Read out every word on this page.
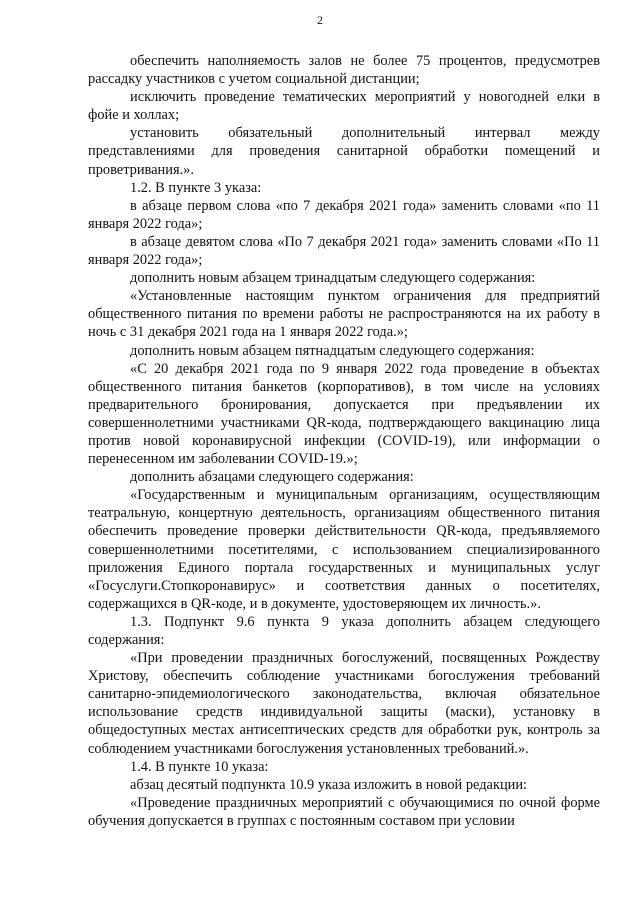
2

обеспечить наполняемость залов не более 75 процентов, предусмотрев рассадку участников с учетом социальной дистанции;

исключить проведение тематических мероприятий у новогодней елки в фойе и холлах;

установить обязательный дополнительный интервал между представлениями для проведения санитарной обработки помещений и проветривания.».

1.2. В пункте 3 указа:

в абзаце первом слова «по 7 декабря 2021 года» заменить словами «по 11 января 2022 года»;

в абзаце девятом слова «По 7 декабря 2021 года» заменить словами «По 11 января 2022 года»;

дополнить новым абзацем тринадцатым следующего содержания:

«Установленные настоящим пунктом ограничения для предприятий общественного питания по времени работы не распространяются на их работу в ночь с 31 декабря 2021 года на 1 января 2022 года.»;

дополнить новым абзацем пятнадцатым следующего содержания:

«С 20 декабря 2021 года по 9 января 2022 года проведение в объектах общественного питания банкетов (корпоративов), в том числе на условиях предварительного бронирования, допускается при предъявлении их совершеннолетними участниками QR-кода, подтверждающего вакцинацию лица против новой коронавирусной инфекции (COVID-19), или информации о перенесенном им заболевании COVID-19.»;

дополнить абзацами следующего содержания:

«Государственным и муниципальным организациям, осуществляющим театральную, концертную деятельность, организациям общественного питания обеспечить проведение проверки действительности QR-кода, предъявляемого совершеннолетними посетителями, с использованием специализированного приложения Единого портала государственных и муниципальных услуг «Госуслуги.Стопкоронавирус» и соответствия данных о посетителях, содержащихся в QR-коде, и в документе, удостоверяющем их личность.».

1.3. Подпункт 9.6 пункта 9 указа дополнить абзацем следующего содержания:

«При проведении праздничных богослужений, посвященных Рождеству Христову, обеспечить соблюдение участниками богослужения требований санитарно-эпидемиологического законодательства, включая обязательное использование средств индивидуальной защиты (маски), установку в общедоступных местах антисептических средств для обработки рук, контроль за соблюдением участниками богослужения установленных требований.».

1.4. В пункте 10 указа:

абзац десятый подпункта 10.9 указа изложить в новой редакции:

«Проведение праздничных мероприятий с обучающимися по очной форме обучения допускается в группах с постоянным составом при условии
